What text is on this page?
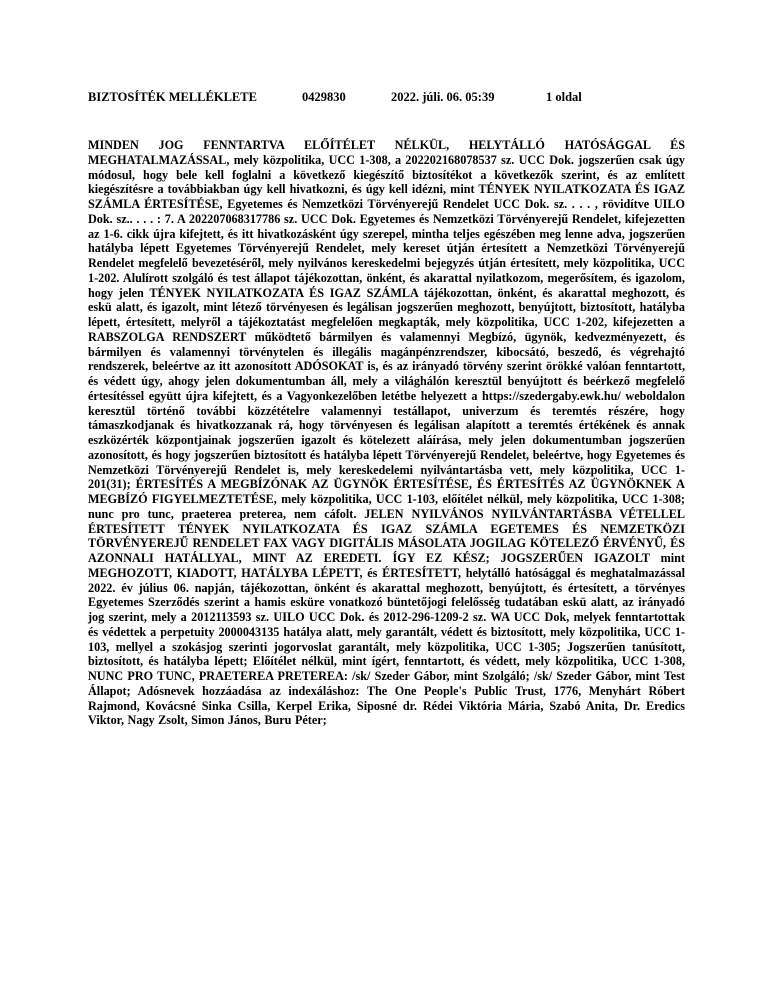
BIZTOSÍTÉK MELLÉKLETE	0429830	2022. júli. 06. 05:39	1 oldal

MINDEN JOG FENNTARTVA ELŐÍTÉLET NÉLKÜL, HELYTÁLLÓ HATÓSÁGGAL ÉS MEGHATALMAZÁSSAL, mely közpolitika, UCC 1-308, a 202202168078537 sz. UCC Dok. jogszerűen csak úgy módosul, hogy bele kell foglalni a következő kiegészítő biztosítékot a következők szerint, és az említett kiegészítésre a továbbiakban úgy kell hivatkozni, és úgy kell idézni, mint TÉNYEK NYILATKOZATA ÉS IGAZ SZÁMLA ÉRTESÍTÉSE, Egyetemes és Nemzetközi Törvényerejű Rendelet UCC Dok. sz. . . . , rövidítve UILO Dok. sz.. . . . : 7. A 202207068317786 sz. UCC Dok. Egyetemes és Nemzetközi Törvényerejű Rendelet, kifejezetten az 1-6. cikk újra kifejtett, és itt hivatkozásként úgy szerepel, mintha teljes egészében meg lenne adva, jogszerűen hatályba lépett Egyetemes Törvényerejű Rendelet, mely kereset útján értesített a Nemzetközi Törvényerejű Rendelet megfelelő bevezetéséről, mely nyilvános kereskedelmi bejegyzés útján értesített, mely közpolitika, UCC 1-202. Alulírott szolgáló és test állapot tájékozottan, önként, és akarattal nyilatkozom, megerősítem, és igazolom, hogy jelen TÉNYEK NYILATKOZATA ÉS IGAZ SZÁMLA tájékozottan, önként, és akarattal meghozott, és eskü alatt, és igazolt, mint létező törvényesen és legálisan jogszerűen meghozott, benyújtott, biztosított, hatályba lépett, értesített, melyről a tájékoztatást megfelelően megkapták, mely közpolitika, UCC 1-202, kifejezetten a RABSZOLGA RENDSZERT működtető bármilyen és valamennyi Megbízó, ügynök, kedvezményezett, és bármilyen és valamennyi törvénytelen és illegális magánpénzrendszer, kibocsátó, beszedő, és végrehajtó rendszerek, beleértve az itt azonosított ADÓSOKAT is, és az irányadó törvény szerint örökké valóan fenntartott, és védett úgy, ahogy jelen dokumentumban áll, mely a világhálón keresztül benyújtott és beérkező megfelelő értesítéssel együtt újra kifejtett, és a Vagyonkezelőben letétbe helyezett a https://szedergaby.ewk.hu/ weboldalon keresztül történő további közzétételre valamennyi testállapot, univerzum és teremtés részére, hogy támaszkodjanak és hivatkozzanak rá, hogy törvényesen és legálisan alapított a teremtés értékének és annak eszközérték központjainak jogszerűen igazolt és kötelezett aláírása, mely jelen dokumentumban jogszerűen azonosított, és hogy jogszerűen biztosított és hatályba lépett Törvényerejű Rendelet, beleértve, hogy Egyetemes és Nemzetközi Törvényerejű Rendelet is, mely kereskedelemi nyilvántartásba vett, mely közpolitika, UCC 1-201(31); ÉRTESÍTÉS A MEGBÍZÓNAK AZ ÜGYNÖK ÉRTESÍTÉSE, ÉS ÉRTESÍTÉS AZ ÜGYNÖKNEK A MEGBÍZÓ FIGYELMEZTETÉSE, mely közpolitika, UCC 1-103, előítélet nélkül, mely közpolitika, UCC 1-308; nunc pro tunc, praeterea preterea, nem cáfolt. JELEN NYILVÁNOS NYILVÁNTARTÁSBA VÉTELLEL ÉRTESÍTETT TÉNYEK NYILATKOZATA ÉS IGAZ SZÁMLA EGETEMES ÉS NEMZETKÖZI TÖRVÉNYEREJŰ RENDELET FAX VAGY DIGITÁLIS MÁSOLATA JOGILAG KÖTELEZŐ ÉRVÉNYŰ, ÉS AZONNALI HATÁLLYAL, MINT AZ EREDETI. ÍGY EZ KÉSZ; JOGSZERŰEN IGAZOLT mint MEGHOZOTT, KIADOTT, HATÁLYBA LÉPETT, és ÉRTESÍTETT, helytálló hatósággal és meghatalmazással 2022. év július 06. napján, tájékozottan, önként és akarattal meghozott, benyújtott, és értesített, a törvényes Egyetemes Szerződés szerint a hamis esküre vonatkozó büntetőjogi felelősség tudatában eskü alatt, az irányadó jog szerint, mely a 2012113593 sz. UILO UCC Dok. és 2012-296-1209-2 sz. WA UCC Dok, melyek fenntartottak és védettek a perpetuity 2000043135 hatálya alatt, mely garantált, védett és biztosított, mely közpolitika, UCC 1-103, mellyel a szokásjog szerinti jogorvoslat garantált, mely közpolitika, UCC 1-305; Jogszerűen tanúsított, biztosított, és hatályba lépett; Előítélet nélkül, mint ígért, fenntartott, és védett, mely közpolitika, UCC 1-308, NUNC PRO TUNC, PRAETEREA PRETEREA: /sk/ Szeder Gábor, mint Szolgáló; /sk/ Szeder Gábor, mint Test Állapot; Adósnevek hozzáadása az indexáláshoz: The One People's Public Trust, 1776, Menyhárt Róbert Rajmond, Kovácsné Sinka Csilla, Kerpel Erika, Siposné dr. Rédei Viktória Mária, Szabó Anita, Dr. Eredics Viktor, Nagy Zsolt, Simon János, Buru Péter;
